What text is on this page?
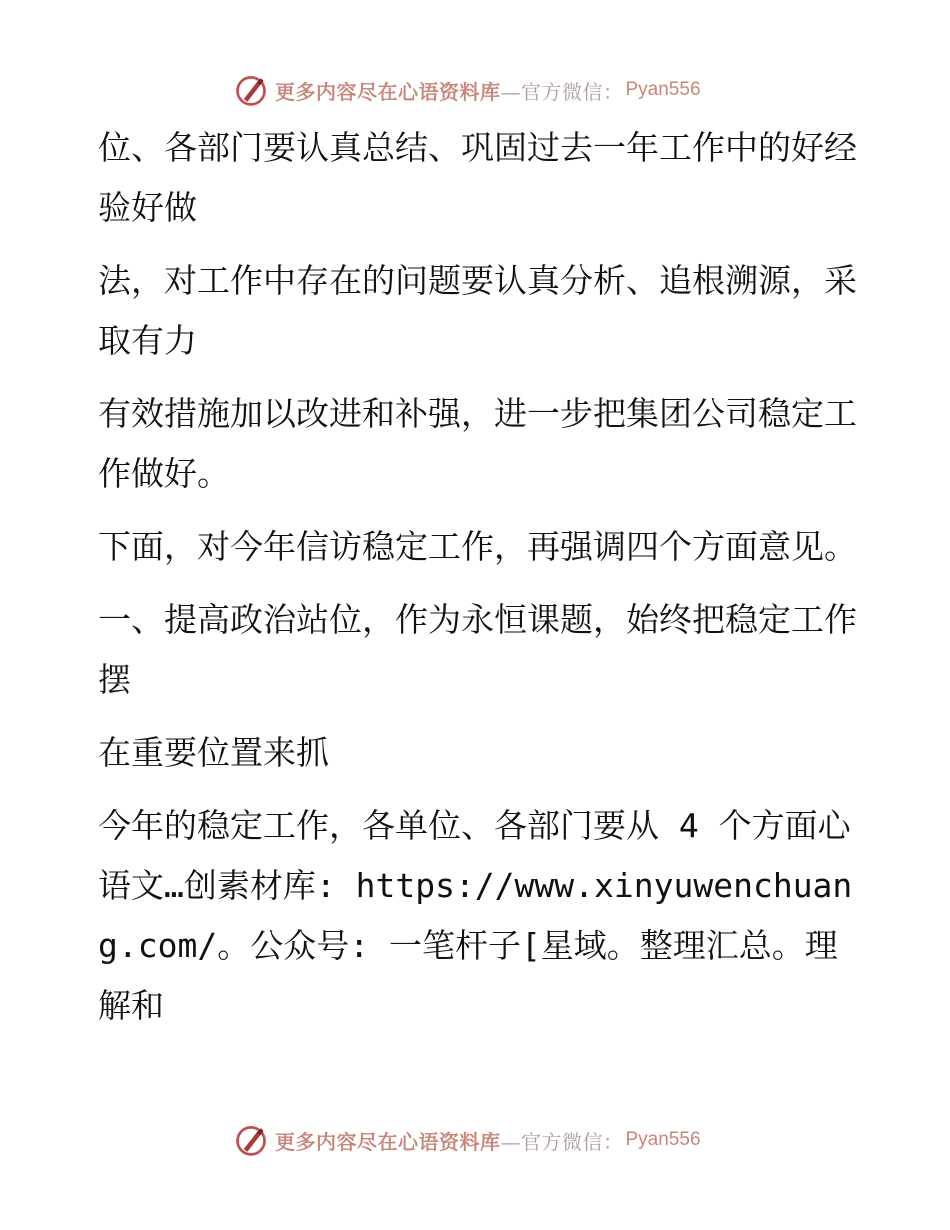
更多内容尽在心语资料库 —官方微信： Pyan556

位、各部门要认真总结、巩固过去一年工作中的好经验好做

法，对工作中存在的问题要认真分析、追根溯源，采取有力

有效措施加以改进和补强，进一步把集团公司稳定工作做好。

下面，对今年信访稳定工作，再强调四个方面意见。

一、提高政治站位，作为永恒课题，始终把稳定工作摆

在重要位置来抓

今年的稳定工作，各单位、各部门要从 4 个方面心语文…创素材库: https://www.xinyuwenchuang.com/。公众号: 一笔杆子[星域。整理汇总。理解和

更多内容尽在心语资料库 —官方微信： Pyan556
